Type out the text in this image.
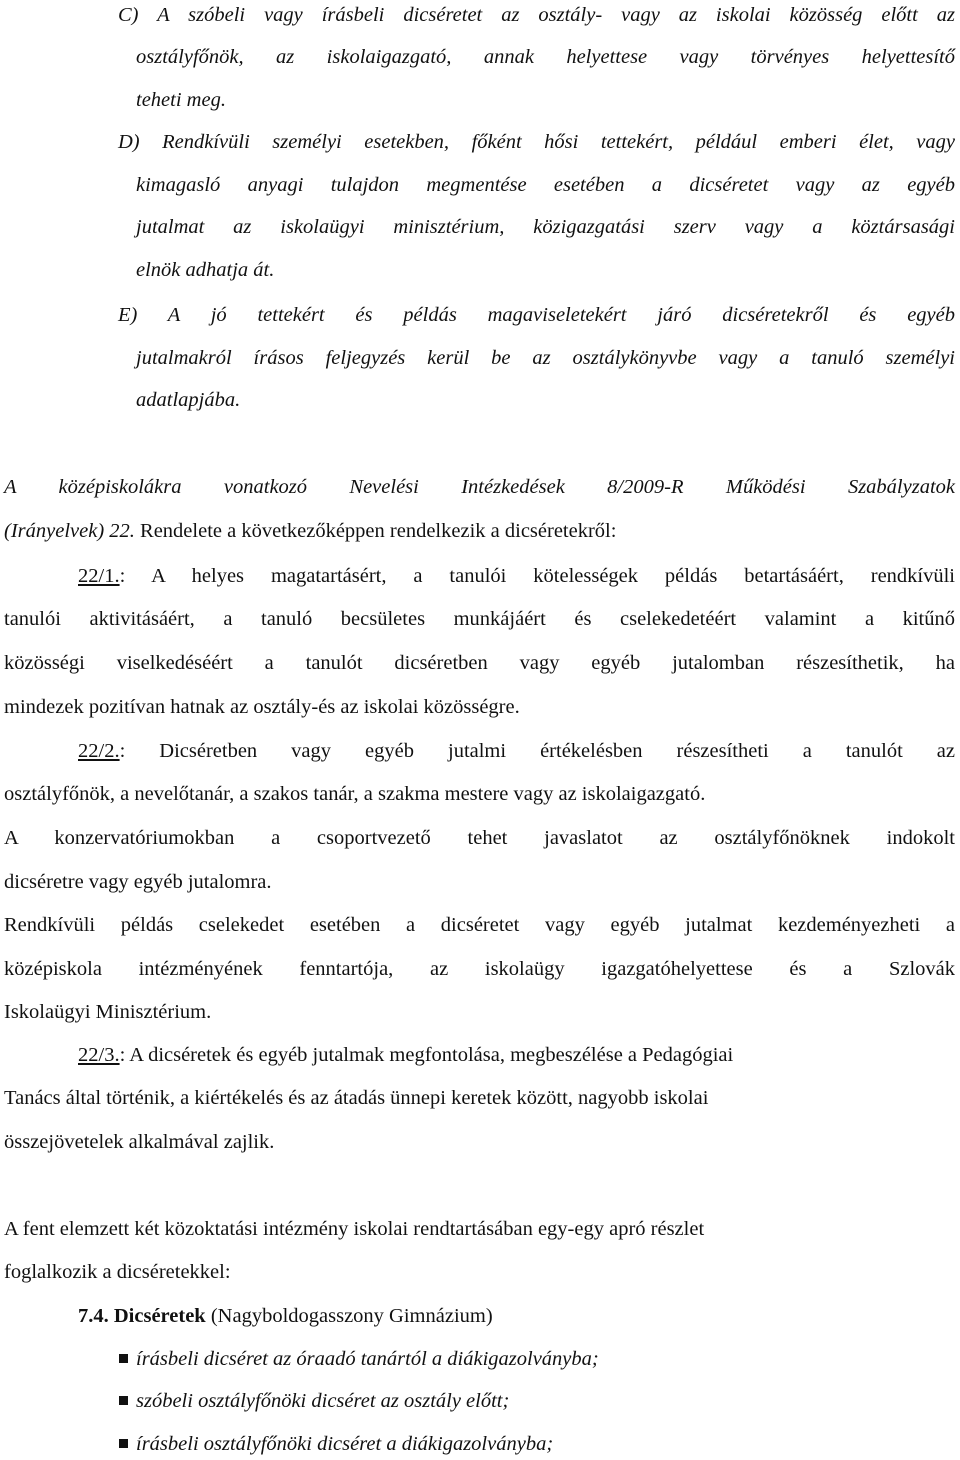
C) A szóbeli vagy írásbeli dicséretet az osztály- vagy az iskolai közösség előtt az
osztályfőnök, az iskolaigazgató, annak helyettese vagy törvényes helyettesítő
teheti meg.
D) Rendkívüli személyi esetekben, főként hősi tettekért, például emberi élet, vagy
kimagasló anyagi tulajdon megmentése esetében a dicséretet vagy az egyéb
jutalmat az iskolaügyi minisztérium, közigazgatási szerv vagy a köztársasági
elnök adhatja át.
E) A jó tettekért és példás magaviseletekért járó dicséretekről és egyéb
jutalmakról írásos feljegyzés kerül be az osztálykönyvbe vagy a tanuló személyi
adatlapjába.
A középiskolákra vonatkozó Nevelési Intézkedések 8/2009-R Működési Szabályzatok
(Irányelvek) 22. Rendelete a következőképpen rendelkezik a dicséretekről:
22/1.: A helyes magatartásért, a tanulói kötelességek példás betartásáért, rendkívüli
tanulói aktivitásáért, a tanuló becsületes munkájáért és cselekedetéért valamint a kitűnő
közösségi viselkedéséért a tanulót dicséretben vagy egyéb jutalomban részesíthetik, ha
mindezek pozitívan hatnak az osztály-és az iskolai közösségre.
22/2.: Dicséretben vagy egyéb jutalmi értékelésben részesítheti a tanulót az
osztályfőnök, a nevelőtanár, a szakos tanár, a szakma mestere vagy az iskolaigazgató.
A konzervatóriumokban a csoportvezető tehet javaslatot az osztályfőnöknek indokolt
dicséretre vagy egyéb jutalomra.
Rendkívüli példás cselekedet esetében a dicséretet vagy egyéb jutalmat kezdeményezheti a
középiskola intézményének fenntartója, az iskolaügy igazgatóhelyettese és a Szlovák
Iskolaügyi Minisztérium.
22/3.: A dicséretek és egyéb jutalmak megfontolása, megbeszélése a Pedagógiai
Tanács által történik, a kiértékelés és az átadás ünnepi keretek között, nagyobb iskolai
összejövetelek alkalmával zajlik.
A fent elemzett két közoktatási intézmény iskolai rendtartásában egy-egy apró részlet
foglalkozik a dicséretekkel:
7.4. Dicséretek (Nagyboldogasszony Gimnázium)
írásbeli dicséret az óraadó tanártól a diákigazolványba;
szóbeli osztályfőnöki dicséret az osztály előtt;
írásbeli osztályfőnöki dicséret a diákigazolványba;
